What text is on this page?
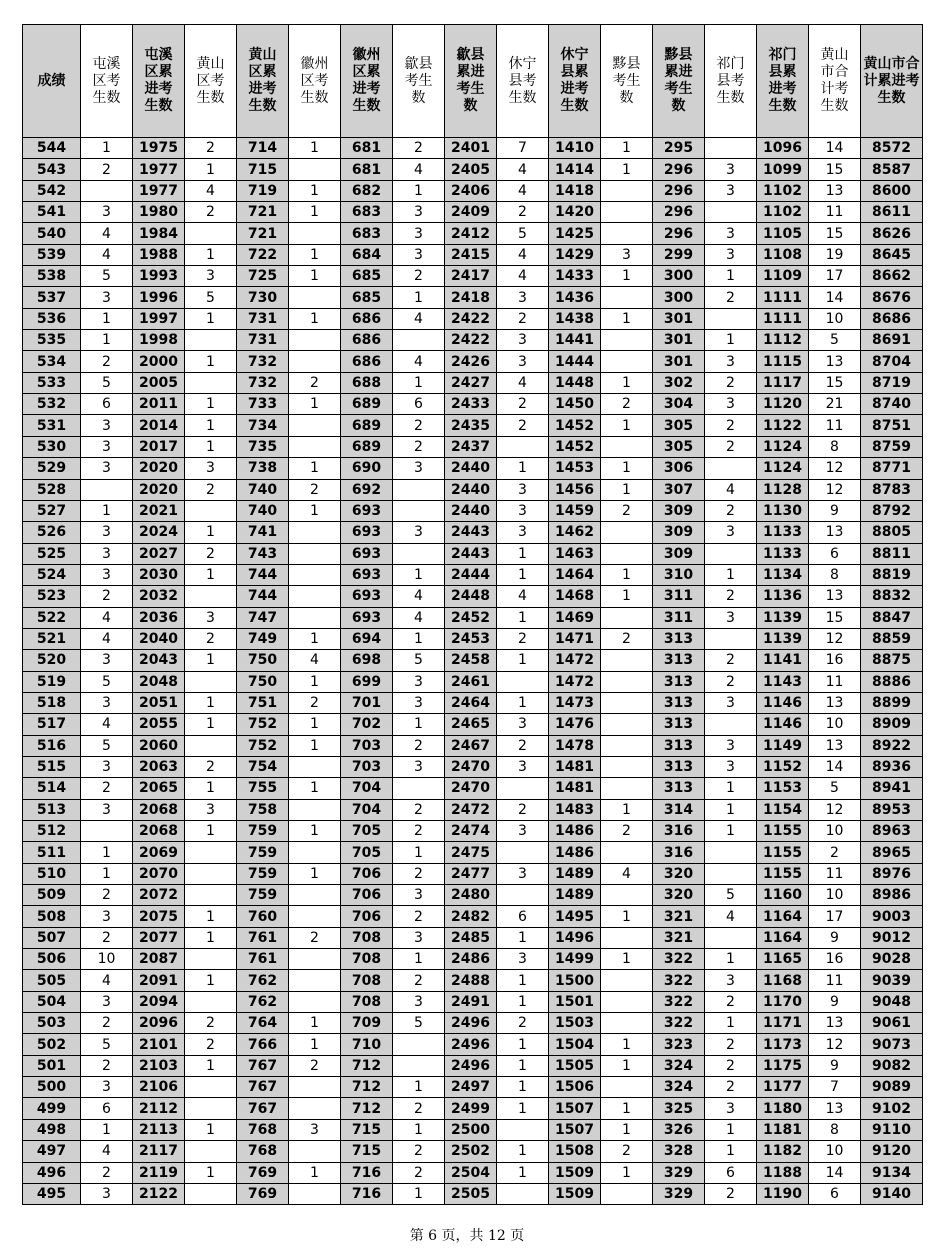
成绩	屯溪区考生数	屯溪区累进考生数	黄山区考生数	黄山区累进考生数	徽州区考生数	徽州区累进考生数	歙县考生数	歙县累进考生数	休宁县考生数	休宁县累进考生数	黟县考生数	黟县累进考生数	祁门县考生数	祁门县累进考生数	黄山市合计考生数	黄山市合计累进考生数
544	1	1975	2	714	1	681	2	2401	7	1410	1	295		1096	14	8572
543	2	1977	1	715		681	4	2405	4	1414	1	296	3	1099	15	8587
542		1977	4	719	1	682	1	2406	4	1418		296	3	1102	13	8600
541	3	1980	2	721	1	683	3	2409	2	1420		296		1102	11	8611
540	4	1984		721		683	3	2412	5	1425		296	3	1105	15	8626
539	4	1988	1	722	1	684	3	2415	4	1429	3	299	3	1108	19	8645
538	5	1993	3	725	1	685	2	2417	4	1433	1	300	1	1109	17	8662
537	3	1996	5	730		685	1	2418	3	1436		300	2	1111	14	8676
536	1	1997	1	731	1	686	4	2422	2	1438	1	301		1111	10	8686
535	1	1998		731		686		2422	3	1441		301	1	1112	5	8691
534	2	2000	1	732		686	4	2426	3	1444		301	3	1115	13	8704
533	5	2005		732	2	688	1	2427	4	1448	1	302	2	1117	15	8719
532	6	2011	1	733	1	689	6	2433	2	1450	2	304	3	1120	21	8740
531	3	2014	1	734		689	2	2435	2	1452	1	305	2	1122	11	8751
530	3	2017	1	735		689	2	2437		1452		305	2	1124	8	8759
529	3	2020	3	738	1	690	3	2440	1	1453	1	306		1124	12	8771
528		2020	2	740	2	692		2440	3	1456	1	307	4	1128	12	8783
527	1	2021		740	1	693		2440	3	1459	2	309	2	1130	9	8792
526	3	2024	1	741		693	3	2443	3	1462		309	3	1133	13	8805
525	3	2027	2	743		693		2443	1	1463		309		1133	6	8811
524	3	2030	1	744		693	1	2444	1	1464	1	310	1	1134	8	8819
523	2	2032		744		693	4	2448	4	1468	1	311	2	1136	13	8832
522	4	2036	3	747		693	4	2452	1	1469		311	3	1139	15	8847
521	4	2040	2	749	1	694	1	2453	2	1471	2	313		1139	12	8859
520	3	2043	1	750	4	698	5	2458	1	1472		313	2	1141	16	8875
519	5	2048		750	1	699	3	2461		1472		313	2	1143	11	8886
518	3	2051	1	751	2	701	3	2464	1	1473		313	3	1146	13	8899
517	4	2055	1	752	1	702	1	2465	3	1476		313		1146	10	8909
516	5	2060		752	1	703	2	2467	2	1478		313	3	1149	13	8922
515	3	2063	2	754		703	3	2470	3	1481		313	3	1152	14	8936
514	2	2065	1	755	1	704		2470		1481		313	1	1153	5	8941
513	3	2068	3	758		704	2	2472	2	1483	1	314	1	1154	12	8953
512		2068	1	759	1	705	2	2474	3	1486	2	316	1	1155	10	8963
511	1	2069		759		705	1	2475		1486		316		1155	2	8965
510	1	2070		759	1	706	2	2477	3	1489	4	320		1155	11	8976
509	2	2072		759		706	3	2480		1489		320	5	1160	10	8986
508	3	2075	1	760		706	2	2482	6	1495	1	321	4	1164	17	9003
507	2	2077	1	761	2	708	3	2485	1	1496		321		1164	9	9012
506	10	2087		761		708	1	2486	3	1499	1	322	1	1165	16	9028
505	4	2091	1	762		708	2	2488	1	1500		322	3	1168	11	9039
504	3	2094		762		708	3	2491	1	1501		322	2	1170	9	9048
503	2	2096	2	764	1	709	5	2496	2	1503		322	1	1171	13	9061
502	5	2101	2	766	1	710		2496	1	1504	1	323	2	1173	12	9073
501	2	2103	1	767	2	712		2496	1	1505	1	324	2	1175	9	9082
500	3	2106		767		712	1	2497	1	1506		324	2	1177	7	9089
499	6	2112		767		712	2	2499	1	1507	1	325	3	1180	13	9102
498	1	2113	1	768	3	715	1	2500		1507	1	326	1	1181	8	9110
497	4	2117		768		715	2	2502	1	1508	2	328	1	1182	10	9120
496	2	2119	1	769	1	716	2	2504	1	1509	1	329	6	1188	14	9134
495	3	2122		769		716	1	2505		1509		329	2	1190	6	9140
第 6 页，共 12 页
